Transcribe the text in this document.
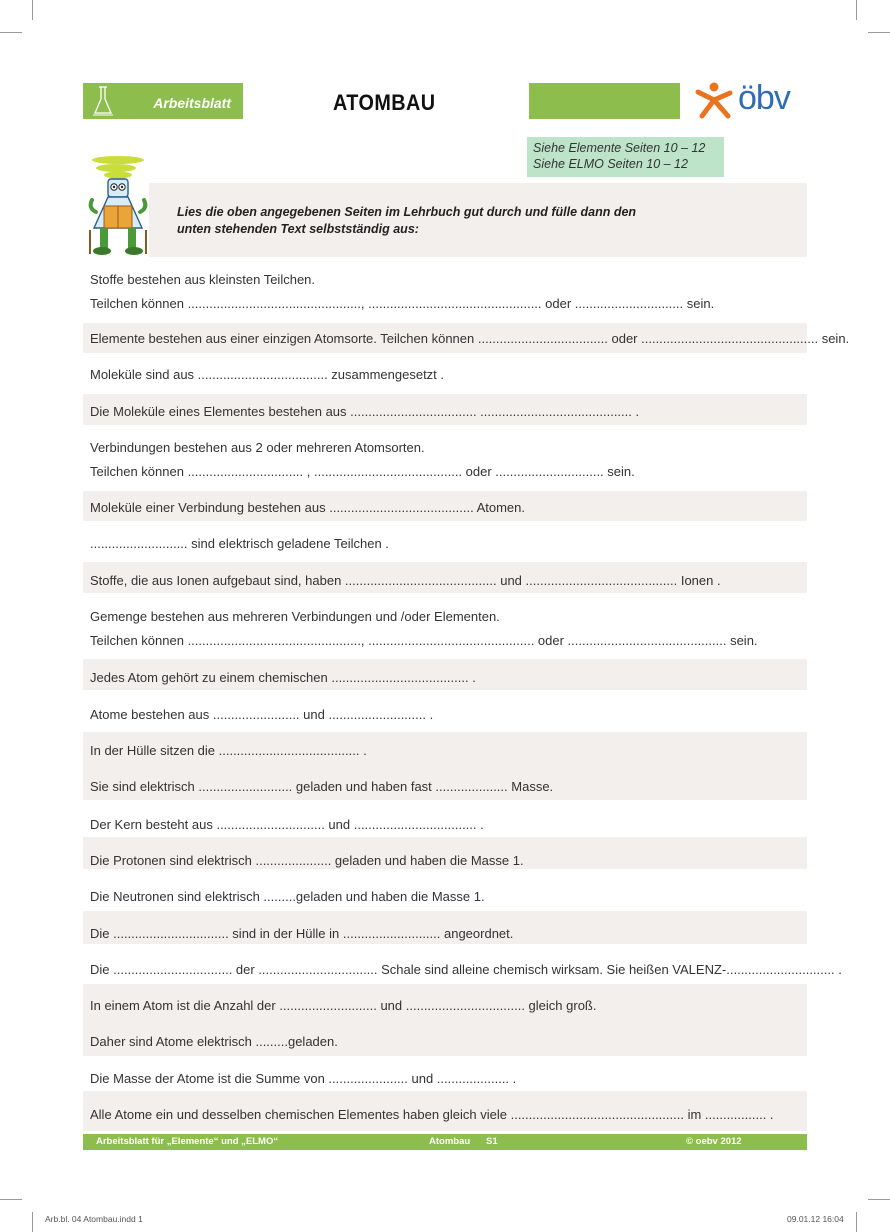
Arbeitsblatt	ATOMBAU	öbv
Siehe Elemente Seiten 10 – 12
Siehe ELMO Seiten 10 – 12
Lies die oben angegebenen Seiten im Lehrbuch gut durch und fülle dann den unten stehenden Text selbstständig aus:
Stoffe bestehen aus kleinsten Teilchen.
Teilchen können ................................................, ................................................ oder .............................. sein.
Elemente bestehen aus einer einzigen Atomsorte. Teilchen können .................................... oder ................................................. sein.
Moleküle sind aus .................................... zusammengesetzt .
Die Moleküle eines Elementes bestehen aus ................................... .......................................... .
Verbindungen bestehen aus 2 oder mehreren Atomsorten.
Teilchen können ................................ , ......................................... oder .............................. sein.
Moleküle einer Verbindung bestehen aus ........................................ Atomen.
........................... sind elektrisch geladene Teilchen .
Stoffe, die aus Ionen aufgebaut sind, haben .......................................... und .......................................... Ionen .
Gemenge bestehen aus mehreren Verbindungen und /oder Elementen.
Teilchen können ................................................, .............................................. oder ............................................ sein.
Jedes Atom gehört zu einem chemischen ...................................... .
Atome bestehen aus ........................ und ........................... .
In der Hülle sitzen die ....................................... .
Sie sind elektrisch .......................... geladen und haben fast .................... Masse.
Der Kern besteht aus .............................. und .................................. .
Die Protonen sind elektrisch ..................... geladen und haben die Masse 1.
Die Neutronen sind elektrisch .........geladen und haben die Masse 1.
Die ................................ sind in der Hülle in ........................... angeordnet.
Die ................................. der ................................. Schale sind alleine chemisch wirksam. Sie heißen VALENZ-.............................. .
In einem Atom ist die Anzahl der ........................... und ................................. gleich groß.
Daher sind Atome elektrisch .........geladen.
Die Masse der Atome ist die Summe von ...................... und .................... .
Alle Atome ein und desselben chemischen Elementes haben gleich viele ................................................ im ................. .
Arbeitsblatt für „Elemente“ und „ELMO“	Atombau S1	© oebv 2012
Arb.bl. 04 Atombau.indd 1	09.01.12 16:04
